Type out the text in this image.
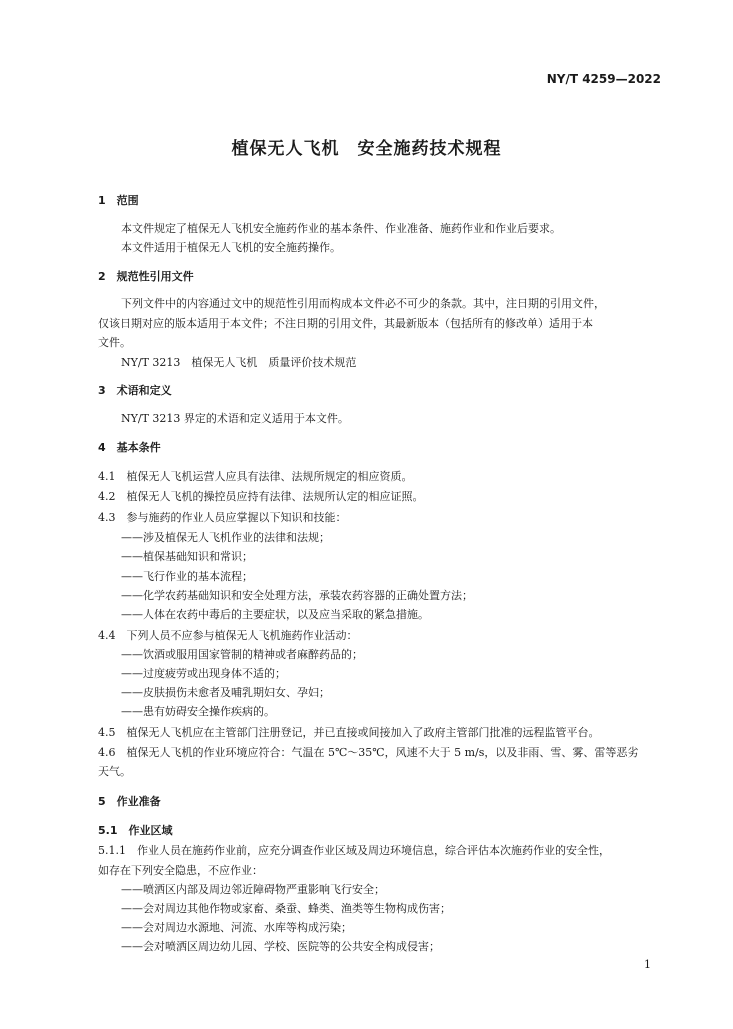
NY/T 4259—2022
植保无人飞机　安全施药技术规程
1　范围
本文件规定了植保无人飞机安全施药作业的基本条件、作业准备、施药作业和作业后要求。
本文件适用于植保无人飞机的安全施药操作。
2　规范性引用文件
下列文件中的内容通过文中的规范性引用而构成本文件必不可少的条款。其中，注日期的引用文件，
仅该日期对应的版本适用于本文件；不注日期的引用文件，其最新版本（包括所有的修改单）适用于本
文件。
NY/T 3213　植保无人飞机　质量评价技术规范
3　术语和定义
NY/T 3213 界定的术语和定义适用于本文件。
4　基本条件
4.1　植保无人飞机运营人应具有法律、法规所规定的相应资质。
4.2　植保无人飞机的操控员应持有法律、法规所认定的相应证照。
4.3　参与施药的作业人员应掌握以下知识和技能：
——涉及植保无人飞机作业的法律和法规；
——植保基础知识和常识；
——飞行作业的基本流程；
——化学农药基础知识和安全处理方法，承装农药容器的正确处置方法；
——人体在农药中毒后的主要症状，以及应当采取的紧急措施。
4.4　下列人员不应参与植保无人飞机施药作业活动：
——饮酒或服用国家管制的精神或者麻醉药品的；
——过度疲劳或出现身体不适的；
——皮肤损伤未愈者及哺乳期妇女、孕妇；
——患有妨碍安全操作疾病的。
4.5　植保无人飞机应在主管部门注册登记，并已直接或间接加入了政府主管部门批准的远程监管平台。
4.6　植保无人飞机的作业环境应符合：气温在 5℃～35℃，风速不大于 5 m/s，以及非雨、雪、雾、雷等恶劣
天气。
5　作业准备
5.1　作业区域
5.1.1　作业人员在施药作业前，应充分调查作业区域及周边环境信息，综合评估本次施药作业的安全性，
如存在下列安全隐患，不应作业：
——喷洒区内部及周边邻近障碍物严重影响飞行安全；
——会对周边其他作物或家畜、桑蚕、蜂类、渔类等生物构成伤害；
——会对周边水源地、河流、水库等构成污染；
——会对喷洒区周边幼儿园、学校、医院等的公共安全构成侵害；
1
